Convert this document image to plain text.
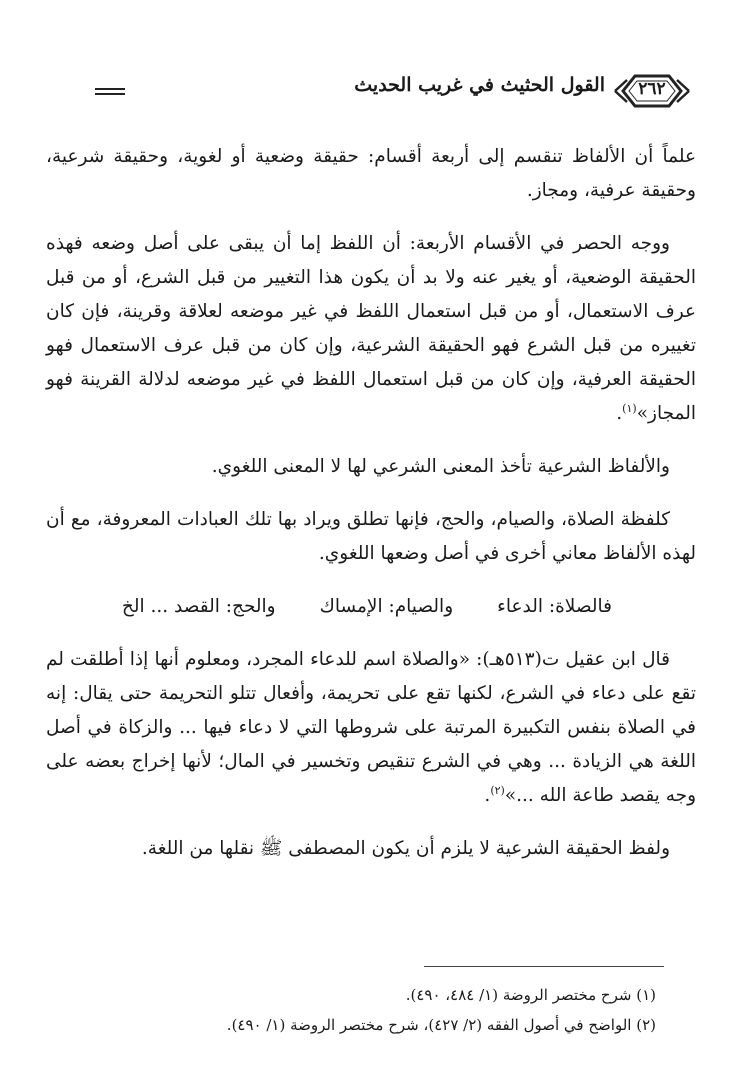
القول الحثيث في غريب الحديث	٢٦٢

علماً أن الألفاظ تنقسم إلى أربعة أقسام: حقيقة وضعية أو لغوية، وحقيقة شرعية، وحقيقة عرفية، ومجاز.

ووجه الحصر في الأقسام الأربعة: أن اللفظ إما أن يبقى على أصل وضعه فهذه الحقيقة الوضعية، أو يغير عنه ولا بد أن يكون هذا التغيير من قبل الشرع، أو من قبل عرف الاستعمال، أو من قبل استعمال اللفظ في غير موضعه لعلاقة وقرينة، فإن كان تغييره من قبل الشرع فهو الحقيقة الشرعية، وإن كان من قبل عرف الاستعمال فهو الحقيقة العرفية، وإن كان من قبل استعمال اللفظ في غير موضعه لدلالة القرينة فهو المجاز»$^{(١)}$.

والألفاظ الشرعية تأخذ المعنى الشرعي لها لا المعنى اللغوي.

كلفظة الصلاة، والصيام، والحج، فإنها تطلق ويراد بها تلك العبادات المعروفة، مع أن لهذه الألفاظ معاني أخرى في أصل وضعها اللغوي.

فالصلاة: الدعاء
والصيام: الإمساك
والحج: القصد ... الخ

قال ابن عقيل ت(٥١٣هـ): «والصلاة اسم للدعاء المجرد، ومعلوم أنها إذا أطلقت لم تقع على دعاء في الشرع، لكنها تقع على تحريمة، وأفعال تتلو التحريمة حتى يقال: إنه في الصلاة بنفس التكبيرة المرتبة على شروطها التي لا دعاء فيها ... والزكاة في أصل اللغة هي الزيادة ... وهي في الشرع تنقيص وتخسير في المال؛ لأنها إخراج بعضه على وجه يقصد طاعة الله ...»$^{(٢)}$.

ولفظ الحقيقة الشرعية لا يلزم أن يكون المصطفى ﷺ نقلها من اللغة.

(١) شرح مختصر الروضة (١/ ٤٨٤، ٤٩٠).
(٢) الواضح في أصول الفقه (٢/ ٤٢٧)، شرح مختصر الروضة (١/ ٤٩٠).
